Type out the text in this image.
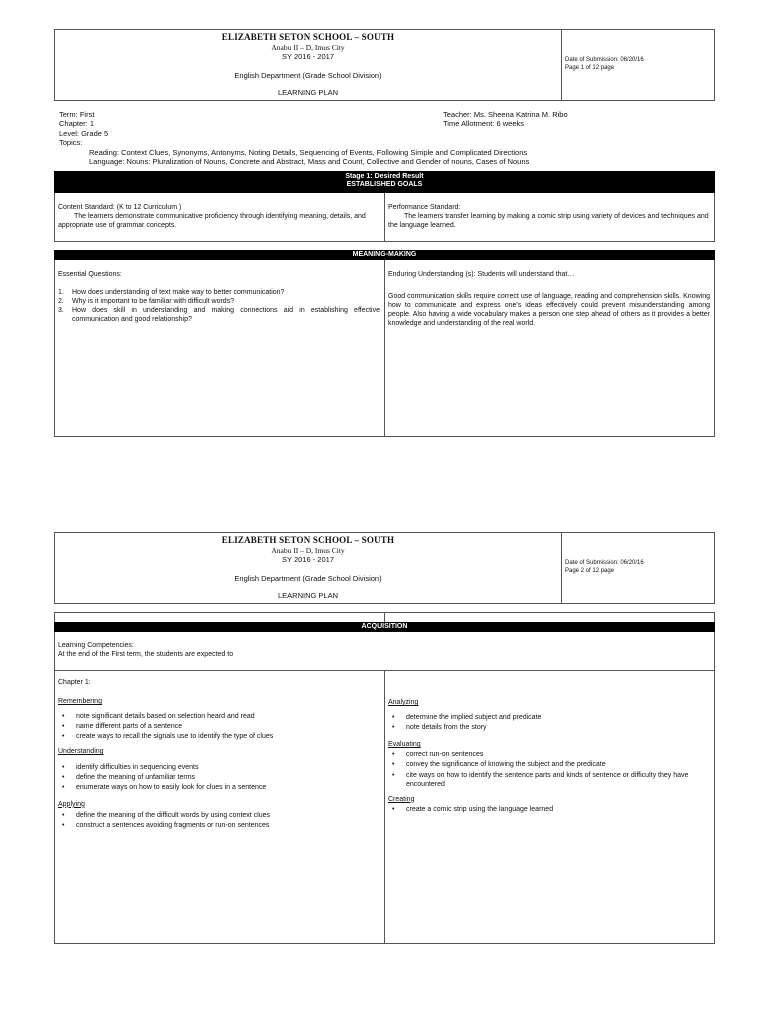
ELIZABETH SETON SCHOOL – SOUTH
Anabu II – D, Imus City
SY 2016 - 2017
English Department (Grade School Division)
LEARNING PLAN
Date of Submission: 06/20/16
Page 1 of 12 page
Term: First
Chapter: 1
Level: Grade 5
Topics:
Reading: Context Clues, Synonyms, Antonyms, Noting Details, Sequencing of Events, Following Simple and Complicated Directions
Language: Nouns: Pluralization of Nouns, Concrete and Abstract, Mass and Count, Collective and Gender of nouns, Cases of Nouns
Teacher: Ms. Sheena Katrina M. Ribo
Time Allotment: 6 weeks
Stage 1: Desired Result
ESTABLISHED GOALS
Content Standard: (K to 12 Curriculum )
The learners demonstrate communicative proficiency through identifying meaning, details, and appropriate use of grammar concepts.
Performance Standard:
The learners transfer learning by making a comic strip using variety of devices and techniques and the language learned.
MEANING-MAKING
Essential Questions:
1.	How does understanding of text make way to better communication?
2.	Why is it important to be familiar with difficult words?
3.	How does skill in understanding and making connections aid in establishing effective communication and good relationship?
Enduring Understanding (s): Students will understand that…
Good communication skills require correct use of language, reading and comprehension skills. Knowing how to communicate and express one's ideas effectively could prevent misunderstanding among people. Also having a wide vocabulary makes a person one step ahead of others as it provides a better knowledge and understanding of the real world.
ELIZABETH SETON SCHOOL – SOUTH
Anabu II – D, Imus City
SY 2016 - 2017
English Department (Grade School Division)
LEARNING PLAN
Date of Submission: 06/20/16
Page 2 of 12 page
ACQUISITION
Learning Competencies:
At the end of the First term, the students are expected to
Chapter 1:
Remembering
•	note significant details based on selection heard and read
•	name different parts of a sentence
•	create ways to recall the signals use to identify the type of clues
Understanding
•	identify difficulties in sequencing events
•	define the meaning of unfamiliar terms
•	enumerate ways on how to easily look for clues in a sentence
Applying
•	define the meaning of the difficult words by using context clues
•	construct a sentences avoiding fragments or run-on sentences
Analyzing
•	determine the implied subject and predicate
•	note details from the story
Evaluating
•	correct run-on sentences
•	convey the significance of knowing the subject and the predicate
•	cite ways on how to identify the sentence parts and kinds of sentence or difficulty they have encountered
Creating
•	create a comic strip using the language learned
